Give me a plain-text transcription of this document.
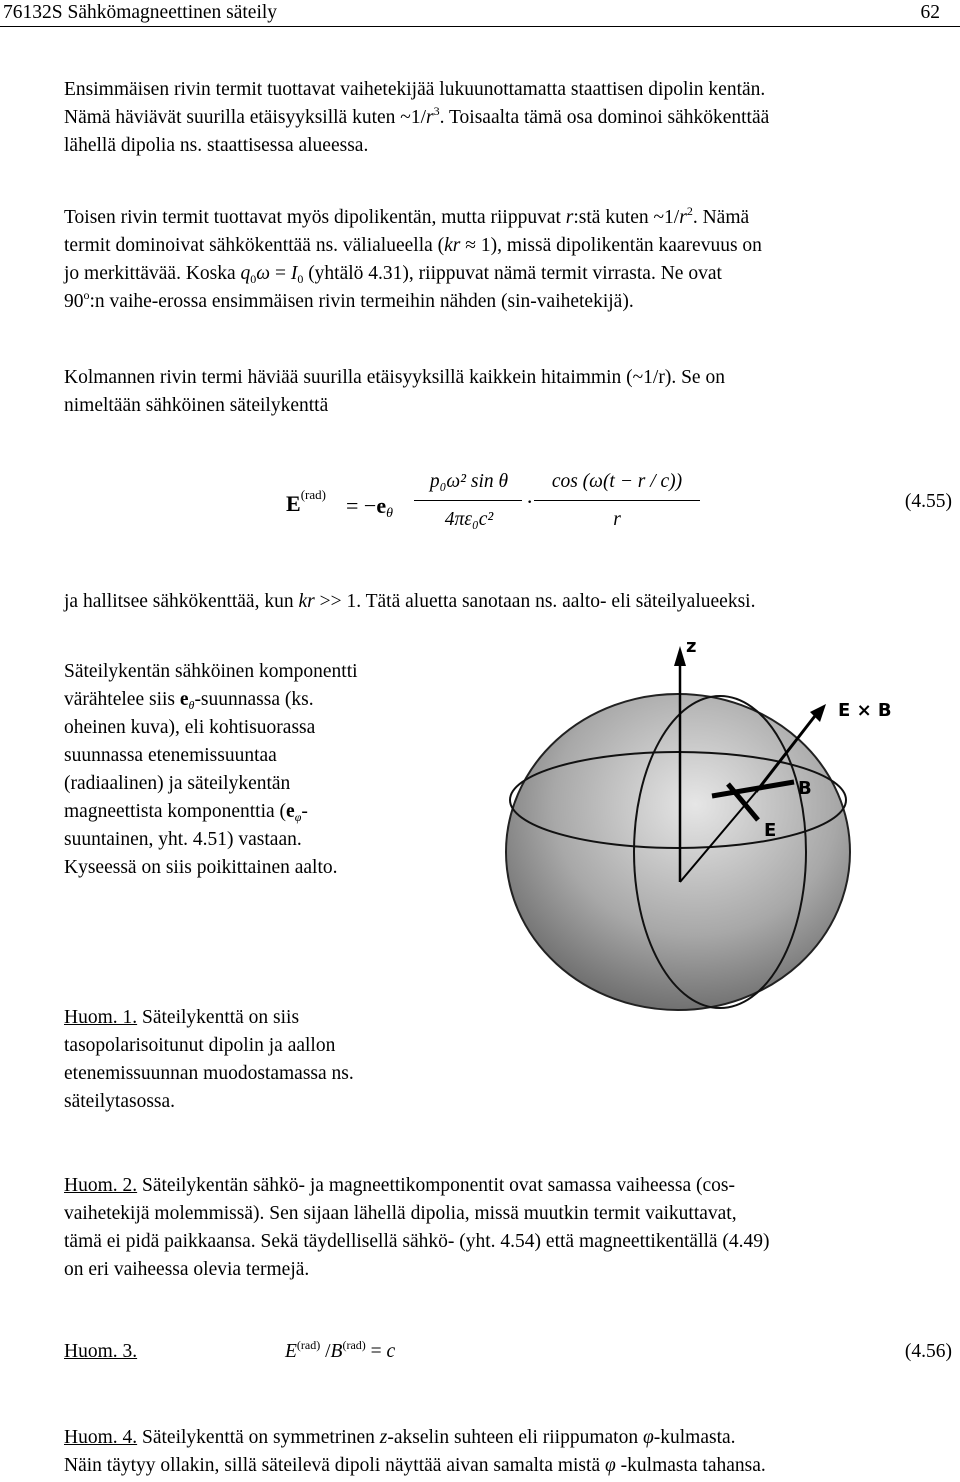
76132S Sähkömagneettinen säteily	62
Ensimmäisen rivin termit tuottavat vaihetekijää lukuunottamatta staattisen dipolin kentän.
Nämä häviävät suurilla etäisyyksillä kuten $\sim 1/r^3$. Toisaalta tämä osa dominoi sähkökenttää
lähellä dipolia ns. staattisessa alueessa.
Toisen rivin termit tuottavat myös dipolikentän, mutta riippuvat r:stä kuten $\sim 1/r^2$. Nämä
termit dominoivat sähkökenttää ns. välialueella (kr ≈ 1), missä dipolikentän kaarevuus on
jo merkittävää. Koska $q_0\omega = I_0$ (yhtälö 4.31), riippuvat nämä termit virrasta. Ne ovat
90$^o$:n vaihe-erossa ensimmäisen rivin termeihin nähden (sin-vaihetekijä).
Kolmannen rivin termi häviää suurilla etäisyyksillä kaikkein hitaimmin (~1/r). Se on
nimeltään sähköinen säteilykenttä
$E^{(rad)} = -e_\theta$
p₀ω² sin θ
4πε₀c²
·
cos (ω(t − r / c))
r
(4.55)
ja hallitsee sähkökenttää, kun kr >> 1. Tätä aluetta sanotaan ns. aalto- eli säteilyalueeksi.
Säteilykentän sähköinen komponentti
värähtelee siis $e_\theta$-suunnassa (ks.
oheinen kuva), eli kohtisuorassa
suunnassa etenemissuuntaa
(radiaalinen) ja säteilykentän
magneettista komponenttia ($e_\varphi-$
suuntainen, yht. 4.51) vastaan.
Kyseessä on siis poikittainen aalto.
z
E × B
B
E
Huom. 1. Säteilykenttä on siis
tasopolarisoitunut dipolin ja aallon
etenemissuunnan muodostamassa ns.
säteilytasossa.
Huom. 2. Säteilykentän sähkö- ja magneettikomponentit ovat samassa vaiheessa (cos-
vaihetekijä molemmissä). Sen sijaan lähellä dipolia, missä muutkin termit vaikuttavat,
tämä ei pidä paikkaansa. Sekä täydellisellä sähkö- (yht. 4.54) että magneettikentällä (4.49)
on eri vaiheessa olevia termejä.
Huom. 3.	$E^{(rad)}$ $/B^{(rad)} = c$	(4.56)
Huom. 4. Säteilykenttä on symmetrinen z-akselin suhteen eli riippumaton φ-kulmasta.
Näin täytyy ollakin, sillä säteilevä dipoli näyttää aivan samalta mistä φ -kulmasta tahansa.
